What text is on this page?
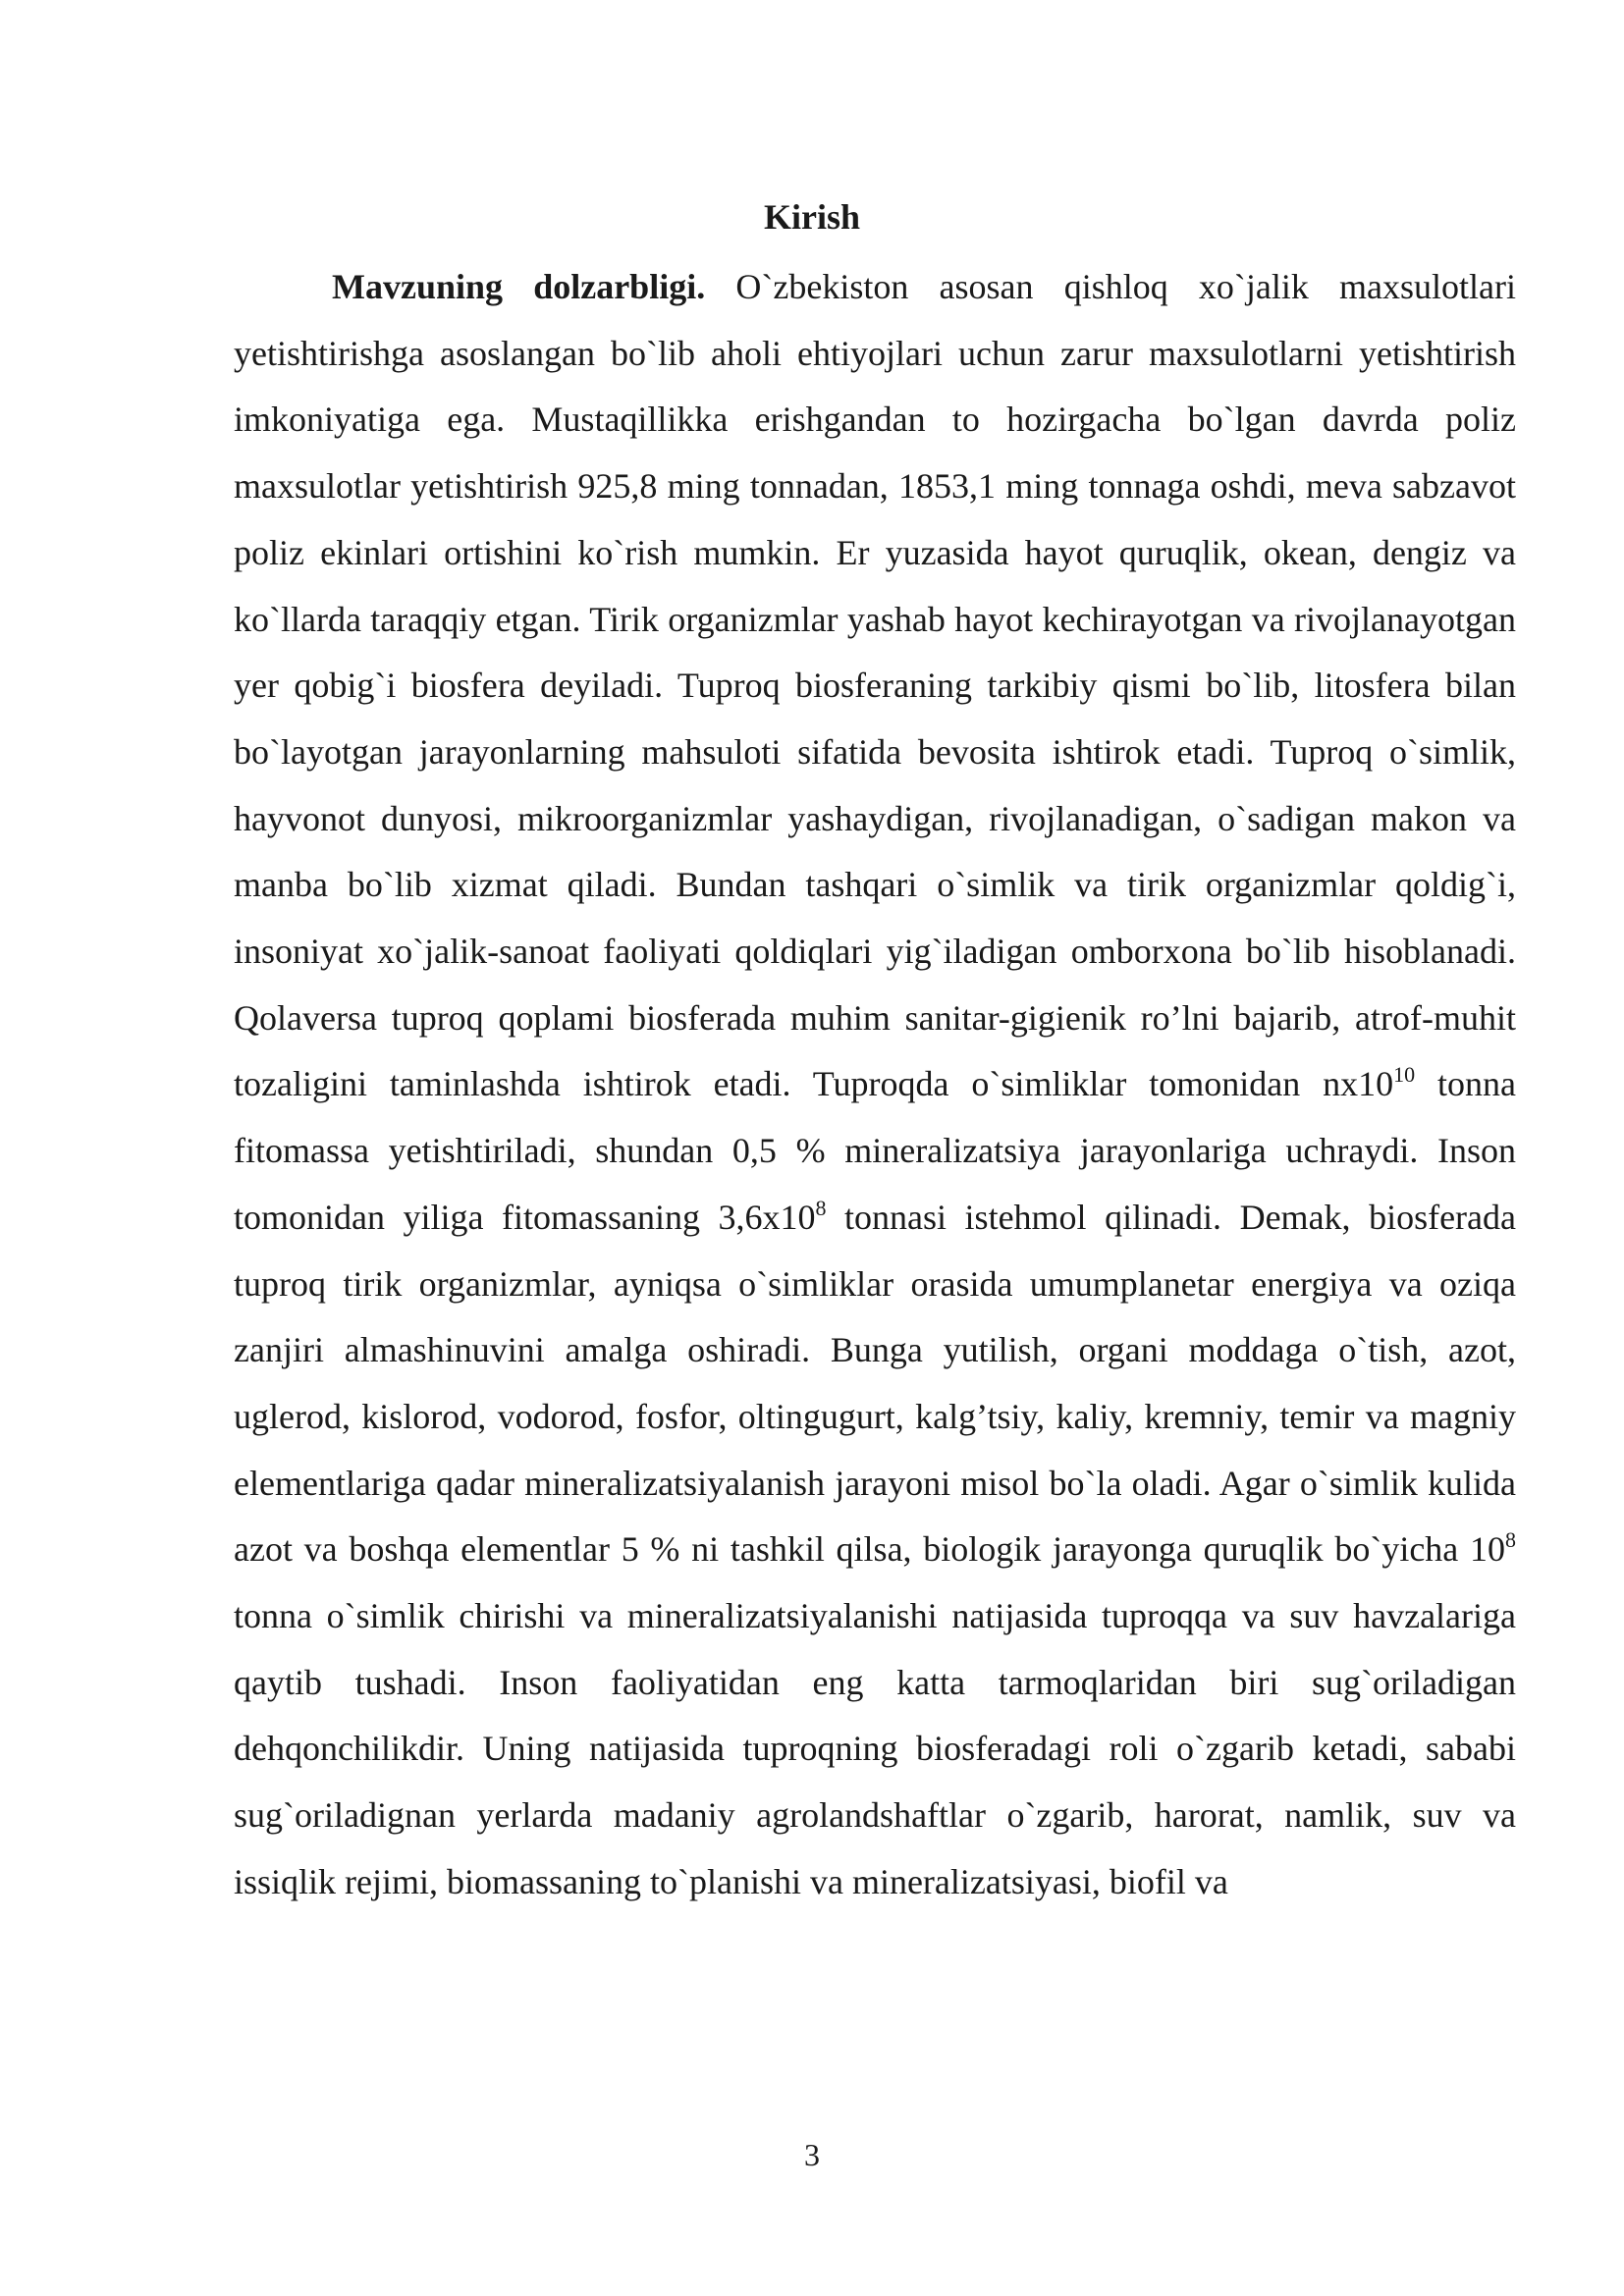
Kirish

Mavzuning dolzarbligi. O`zbekiston asosan qishloq xo`jalik maxsulotlari yetishtirishga asoslangan bo`lib aholi ehtiyojlari uchun zarur maxsulotlarni yetishtirish imkoniyatiga ega. Mustaqillikka erishgandan to hozirgacha bo`lgan davrda poliz maxsulotlar yetishtirish 925,8 ming tonnadan, 1853,1 ming tonnaga oshdi, meva sabzavot poliz ekinlari ortishini ko`rish mumkin. Er yuzasida hayot quruqlik, okean, dengiz va ko`llarda taraqqiy etgan. Tirik organizmlar yashab hayot kechirayotgan va rivojlanayotgan yer qobig`i biosfera deyiladi. Tuproq biosferaning tarkibiy qismi bo`lib, litosfera bilan bo`layotgan jarayonlarning mahsuloti sifatida bevosita ishtirok etadi. Tuproq o`simlik, hayvonot dunyosi, mikroorganizmlar yashaydigan, rivojlanadigan, o`sadigan makon va manba bo`lib xizmat qiladi. Bundan tashqari o`simlik va tirik organizmlar qoldig`i, insoniyat xo`jalik-sanoat faoliyati qoldiqlari yig`iladigan omborxona bo`lib hisoblanadi. Qolaversa tuproq qoplami biosferada muhim sanitar-gigienik ro’lni bajarib, atrof-muhit tozaligini taminlashda ishtirok etadi. Tuproqda o`simliklar tomonidan $nx10^{10}$ tonna fitomassa yetishtiriladi, shundan 0,5 % mineralizatsiya jarayonlariga uchraydi. Inson tomonidan yiliga fitomassaning $3,6x10^8$ tonnasi istehmol qilinadi. Demak, biosferada tuproq tirik organizmlar, ayniqsa o`simliklar orasida umumplanetar energiya va oziqa zanjiri almashinuvini amalga oshiradi. Bunga yutilish, organi moddaga o`tish, azot, uglerod, kislorod, vodorod, fosfor, oltingugurt, kalg’tsiy, kaliy, kremniy, temir va magniy elementlariga qadar mineralizatsiyalanish jarayoni misol bo`la oladi. Agar o`simlik kulida azot va boshqa elementlar 5 % ni tashkil qilsa, biologik jarayonga quruqlik bo`yicha $10^8$ tonna o`simlik chirishi va mineralizatsiyalanishi natijasida tuproqqa va suv havzalariga qaytib tushadi. Inson faoliyatidan eng katta tarmoqlaridan biri sug`oriladigan dehqonchilikdir. Uning natijasida tuproqning biosferadagi roli o`zgarib ketadi, sababi sug`oriladignan yerlarda madaniy agrolandshaftlar o`zgarib, harorat, namlik, suv va issiqlik rejimi, biomassaning to`planishi va mineralizatsiyasi, biofil va

3
